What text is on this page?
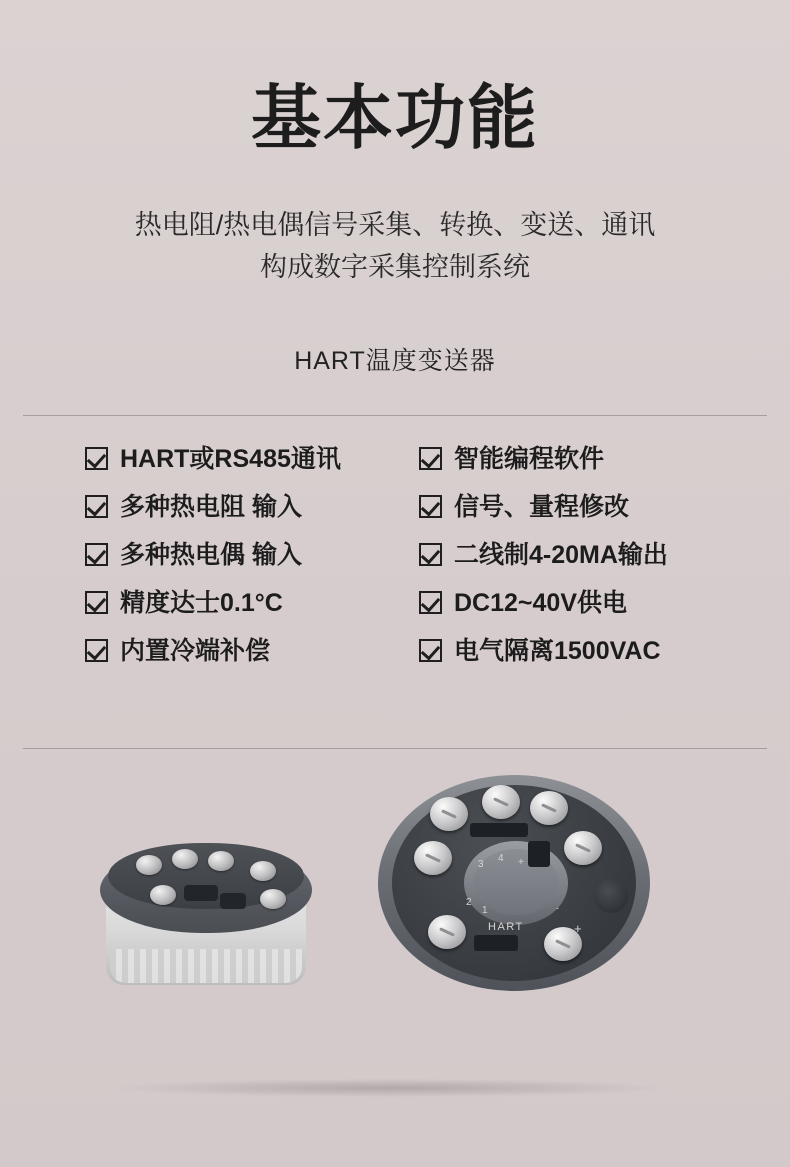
基本功能
热电阻/热电偶信号采集、转换、变送、通讯
构成数字采集控制系统
HART温度变送器
HART或RS485通讯
多种热电阻 输入
多种热电偶 输入
精度达士0.1°C
内置冷端补偿
智能编程软件
信号、量程修改
二线制4-20MA输出
DC12~40V供电
电气隔离1500VAC
3
4 +
2
1	-
HART	+
